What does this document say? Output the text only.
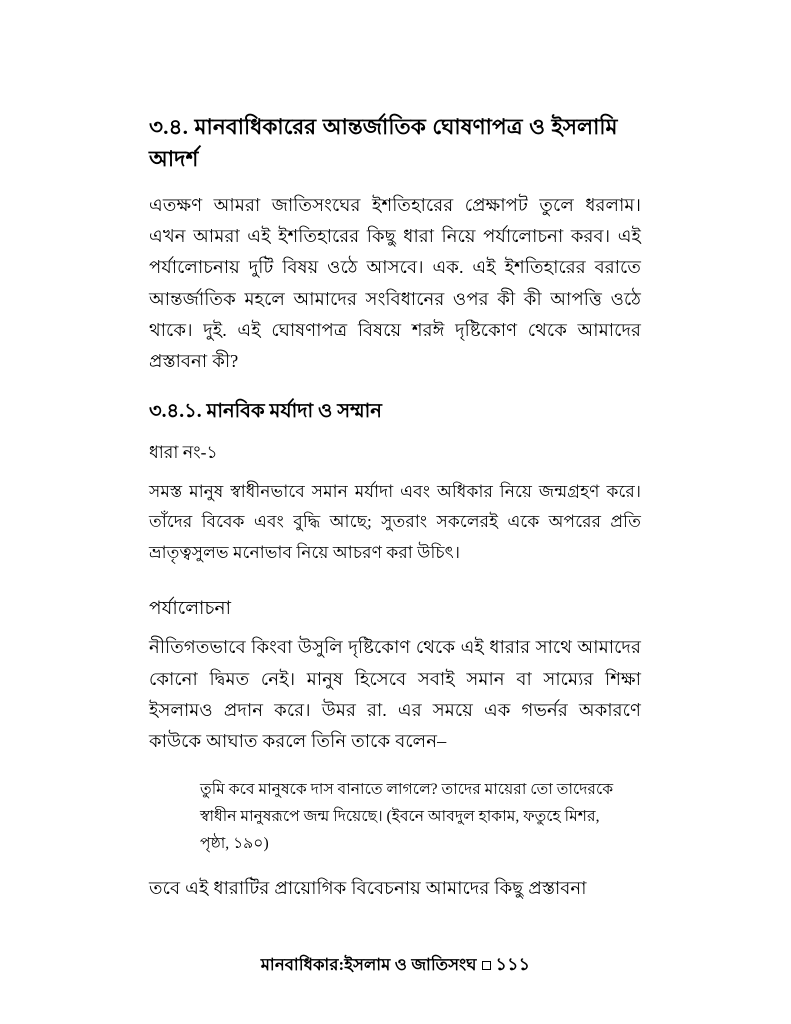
৩.৪. মানবাধিকারের আন্তর্জাতিক ঘোষণাপত্র ও ইসলামি আদর্শ

এতক্ষণ আমরা জাতিসংঘের ইশতিহারের প্রেক্ষাপট তুলে ধরলাম। এখন আমরা এই ইশতিহারের কিছু ধারা নিয়ে পর্যালোচনা করব। এই পর্যালোচনায় দুটি বিষয় ওঠে আসবে। এক. এই ইশতিহারের বরাতে আন্তর্জাতিক মহলে আমাদের সংবিধানের ওপর কী কী আপত্তি ওঠে থাকে। দুই. এই ঘোষণাপত্র বিষয়ে শরঈ দৃষ্টিকোণ থেকে আমাদের প্রস্তাবনা কী?

৩.৪.১. মানবিক মর্যাদা ও সম্মান

ধারা নং-১

সমস্ত মানুষ স্বাধীনভাবে সমান মর্যাদা এবং অধিকার নিয়ে জন্মগ্রহণ করে। তাঁদের বিবেক এবং বুদ্ধি আছে; সুতরাং সকলেরই একে অপরের প্রতি ভ্রাতৃত্বসুলভ মনোভাব নিয়ে আচরণ করা উচিৎ।

পর্যালোচনা

নীতিগতভাবে কিংবা উসুলি দৃষ্টিকোণ থেকে এই ধারার সাথে আমাদের কোনো দ্বিমত নেই। মানুষ হিসেবে সবাই সমান বা সাম্যের শিক্ষা ইসলামও প্রদান করে। উমর রা. এর সময়ে এক গভর্নর অকারণে কাউকে আঘাত করলে তিনি তাকে বলেন–

তুমি কবে মানুষকে দাস বানাতে লাগলে? তাদের মায়েরা তো তাদেরকে স্বাধীন মানুষরূপে জন্ম দিয়েছে। (ইবনে আবদুল হাকাম, ফতুহে মিশর, পৃষ্ঠা, ১৯০)

তবে এই ধারাটির প্রায়োগিক বিবেচনায় আমাদের কিছু প্রস্তাবনা

মানবাধিকার:ইসলাম ও জাতিসংঘ ১১১
